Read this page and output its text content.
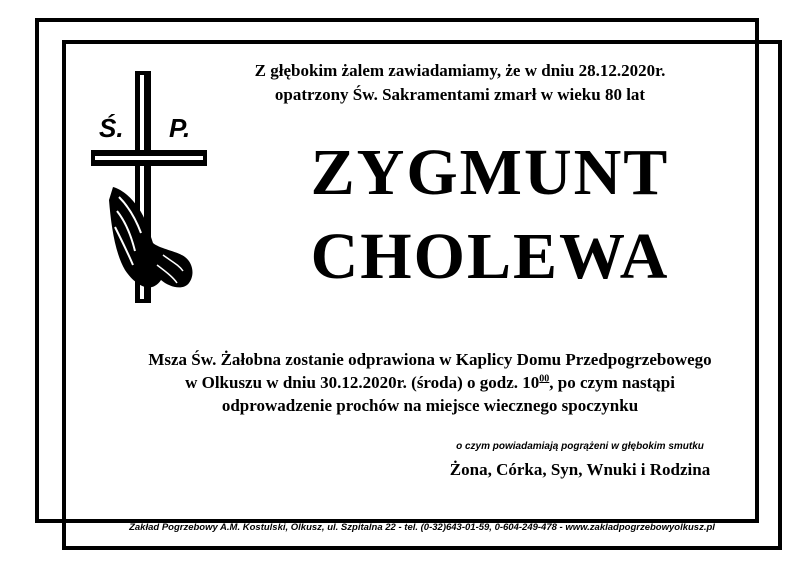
Ś. P.
Z głębokim żalem zawiadamiamy, że w dniu 28.12.2020r.
opatrzony Św. Sakramentami zmarł w wieku 80 lat
ZYGMUNT
CHOLEWA
Msza Św. Żałobna zostanie odprawiona w Kaplicy Domu Przedpogrzebowego
w Olkuszu w dniu 30.12.2020r. (środa) o godz. $10^{00}$, po czym nastąpi
odprowadzenie prochów na miejsce wiecznego spoczynku
o czym powiadamiają pogrążeni w głębokim smutku
Żona, Córka, Syn, Wnuki i Rodzina
Zakład Pogrzebowy A.M. Kostulski, Olkusz, ul. Szpitalna 22 - tel. (0-32)643-01-59, 0-604-249-478 - www.zakladpogrzebowyolkusz.pl
